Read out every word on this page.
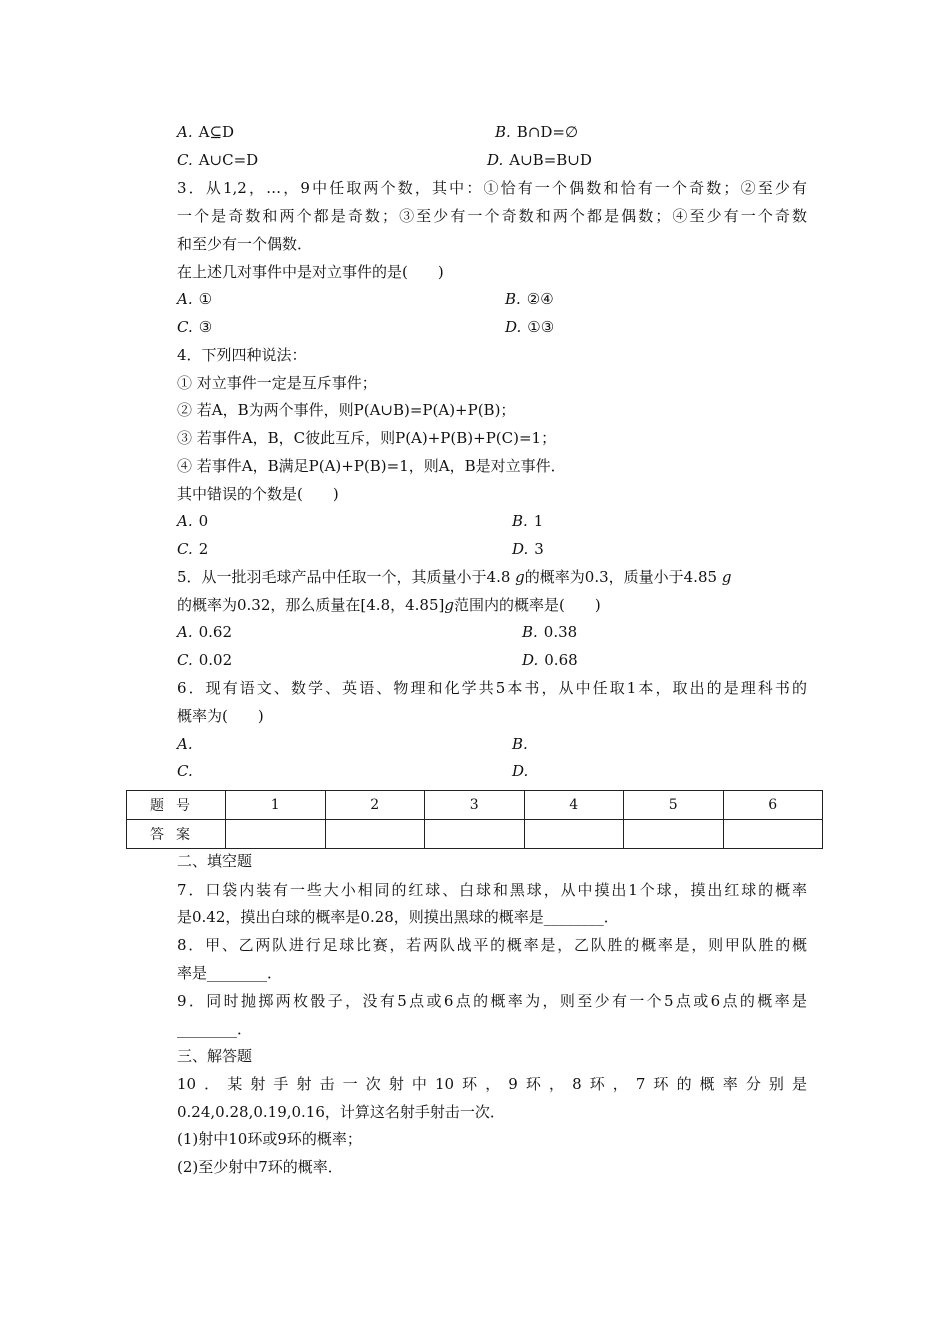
A. A⊆D	B. B∩D=∅
C. A∪C=D	D. A∪B=B∪D
3．从1,2，…，9中任取两个数，其中：①恰有一个偶数和恰有一个奇数；②至少有
一个是奇数和两个都是奇数；③至少有一个奇数和两个都是偶数；④至少有一个奇数
和至少有一个偶数．
在上述几对事件中是对立事件的是(　　)
A. ①	B. ②④
C. ③	D. ①③
4．下列四种说法：
① 对立事件一定是互斥事件；
② 若A，B为两个事件，则P(A∪B)=P(A)+P(B)；
③ 若事件A，B，C彼此互斥，则P(A)+P(B)+P(C)=1；
④ 若事件A，B满足P(A)+P(B)=1，则A，B是对立事件．
其中错误的个数是(　　)
A. 0	B. 1
C. 2	D. 3
5．从一批羽毛球产品中任取一个，其质量小于4.8 g的概率为0.3，质量小于4.85 g
的概率为0.32，那么质量在[4.8，4.85]g范围内的概率是(　　)
A. 0.62	B. 0.38
C. 0.02	D. 0.68
6．现有语文、数学、英语、物理和化学共5本书，从中任取1本，取出的是理科书的
概率为(　　)
A.	B.
C.	D.
题号	1	2	3	4	5	6
答案						
二、填空题
7．口袋内装有一些大小相同的红球、白球和黑球，从中摸出1个球，摸出红球的概率
是0.42，摸出白球的概率是0.28，则摸出黑球的概率是________．
8．甲、乙两队进行足球比赛，若两队战平的概率是，乙队胜的概率是，则甲队胜的概
率是________．
9．同时抛掷两枚骰子，没有5点或6点的概率为，则至少有一个5点或6点的概率是
________．
三、解答题
10．某射手射击一次射中10环，9环，8环，7环的概率分别是
0.24,0.28,0.19,0.16，计算这名射手射击一次．
(1)射中10环或9环的概率；
(2)至少射中7环的概率．
